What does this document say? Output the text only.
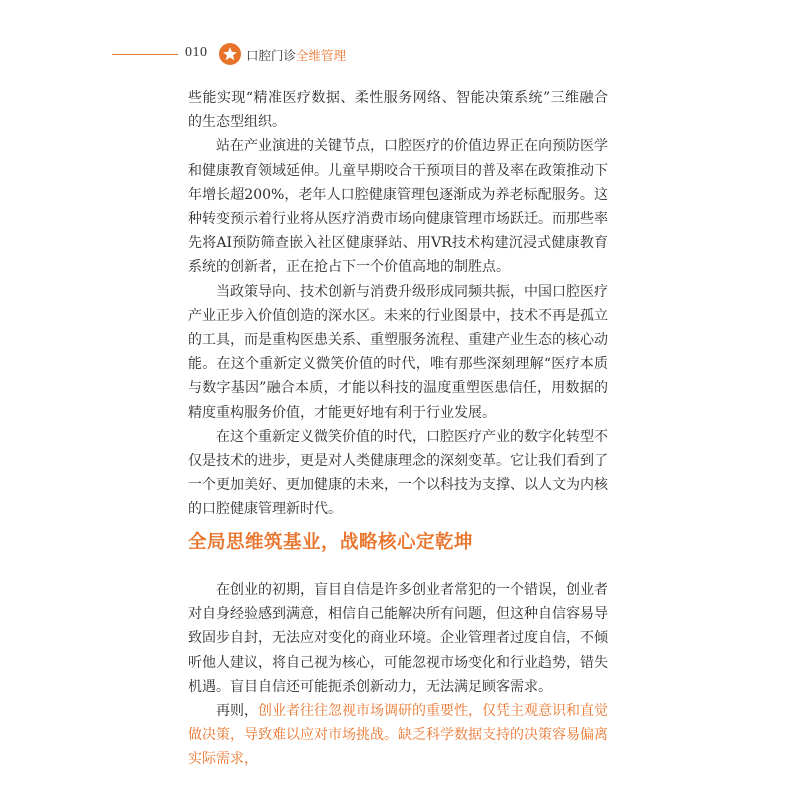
010	口腔门诊全维管理

些能实现“精准医疗数据、柔性服务网络、智能决策系统”三维融合的生态型组织。

站在产业演进的关键节点，口腔医疗的价值边界正在向预防医学和健康教育领域延伸。儿童早期咬合干预项目的普及率在政策推动下年增长超200%，老年人口腔健康管理包逐渐成为养老标配服务。这种转变预示着行业将从医疗消费市场向健康管理市场跃迁。而那些率先将AI预防筛查嵌入社区健康驿站、用VR技术构建沉浸式健康教育系统的创新者，正在抢占下一个价值高地的制胜点。

当政策导向、技术创新与消费升级形成同频共振，中国口腔医疗产业正步入价值创造的深水区。未来的行业图景中，技术不再是孤立的工具，而是重构医患关系、重塑服务流程、重建产业生态的核心动能。在这个重新定义微笑价值的时代，唯有那些深刻理解“医疗本质与数字基因”融合本质，才能以科技的温度重塑医患信任，用数据的精度重构服务价值，才能更好地有利于行业发展。

在这个重新定义微笑价值的时代，口腔医疗产业的数字化转型不仅是技术的进步，更是对人类健康理念的深刻变革。它让我们看到了一个更加美好、更加健康的未来，一个以科技为支撑、以人文为内核的口腔健康管理新时代。

全局思维筑基业，战略核心定乾坤

在创业的初期，盲目自信是许多创业者常犯的一个错误，创业者对自身经验感到满意，相信自己能解决所有问题，但这种自信容易导致固步自封，无法应对变化的商业环境。企业管理者过度自信，不倾听他人建议，将自己视为核心，可能忽视市场变化和行业趋势，错失机遇。盲目自信还可能扼杀创新动力，无法满足顾客需求。

再则，创业者往往忽视市场调研的重要性，仅凭主观意识和直觉做决策，导致难以应对市场挑战。缺乏科学数据支持的决策容易偏离实际需求，
